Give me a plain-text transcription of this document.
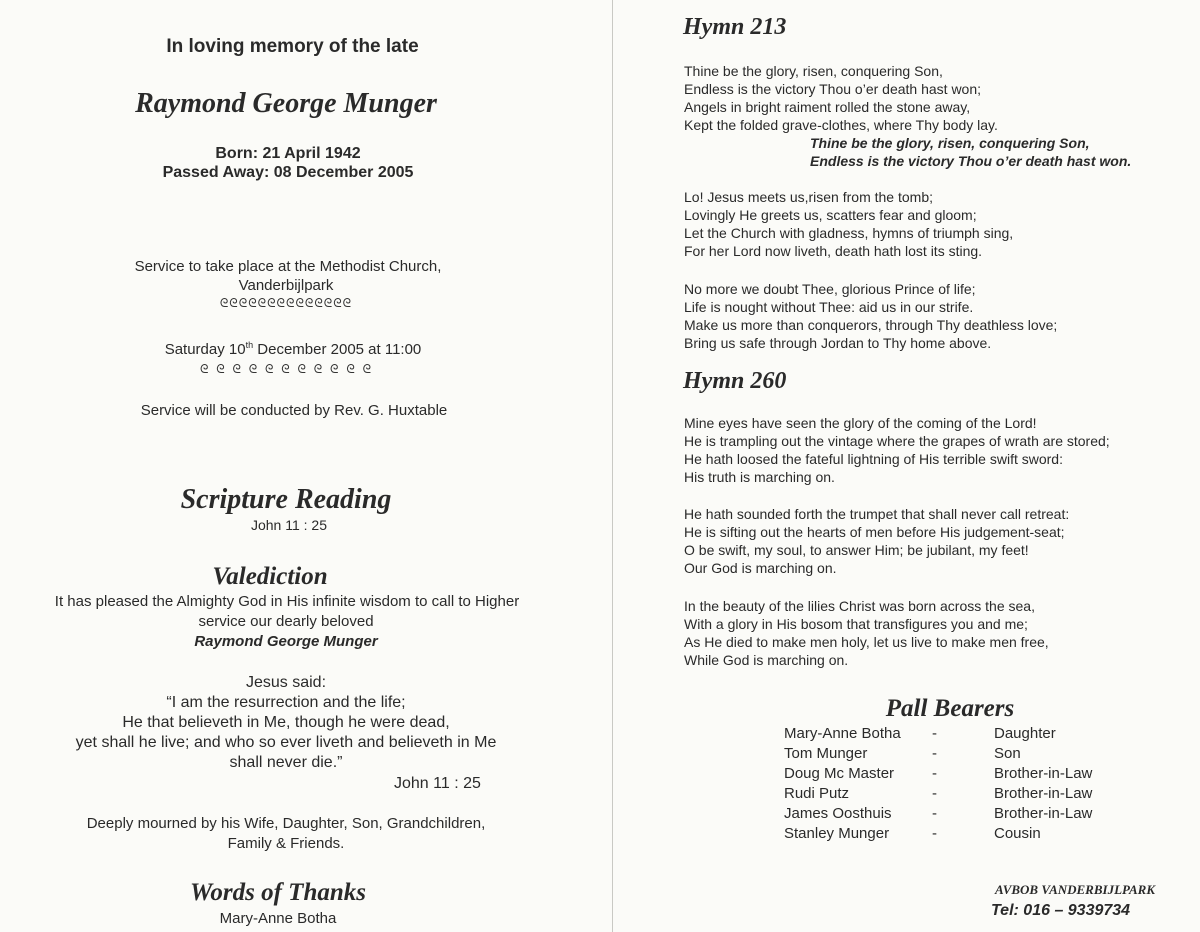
In loving memory of the late
Raymond George Munger
Born: 21 April 1942
Passed Away: 08 December 2005
Service to take place at the Methodist Church,
Vanderbijlpark
ᘓᘓᘓᘓᘓᘓᘓᘓᘓᘓᘓᘓᘓᘓ
Saturday 10th December 2005 at 11:00
ᘓ ᘓ ᘓ ᘓ ᘓ ᘓ ᘓ ᘓ ᘓ ᘓ ᘓ
Service will be conducted by Rev. G. Huxtable
Scripture Reading
John 11 : 25
Valediction
It has pleased the Almighty God in His infinite wisdom to call to Higher
service our dearly beloved
Raymond George Munger
Jesus said:
“I am the resurrection and the life;
He that believeth in Me, though he were dead,
yet shall he live; and who so ever liveth and believeth in Me
shall never die.”
John 11 : 25
Deeply mourned by his Wife, Daughter, Son, Grandchildren,
Family & Friends.
Words of Thanks
Mary-Anne Botha
Hymn 213
Thine be the glory, risen, conquering Son,
Endless is the victory Thou o’er death hast won;
Angels in bright raiment rolled the stone away,
Kept the folded grave-clothes, where Thy body lay.
Thine be the glory, risen, conquering Son,
Endless is the victory Thou o’er death hast won.
Lo! Jesus meets us,risen from the tomb;
Lovingly He greets us, scatters fear and gloom;
Let the Church with gladness, hymns of triumph sing,
For her Lord now liveth, death hath lost its sting.
No more we doubt Thee, glorious Prince of life;
Life is nought without Thee: aid us in our strife.
Make us more than conquerors, through Thy deathless love;
Bring us safe through Jordan to Thy home above.
Hymn 260
Mine eyes have seen the glory of the coming of the Lord!
He is trampling out the vintage where the grapes of wrath are stored;
He hath loosed the fateful lightning of His terrible swift sword:
His truth is marching on.
He hath sounded forth the trumpet that shall never call retreat:
He is sifting out the hearts of men before His judgement-seat;
O be swift, my soul, to answer Him; be jubilant, my feet!
Our God is marching on.
In the beauty of the lilies Christ was born across the sea,
With a glory in His bosom that transfigures you and me;
As He died to make men holy, let us live to make men free,
While God is marching on.
Pall Bearers
Mary-Anne Botha	-	Daughter
Tom Munger	-	Son
Doug Mc Master	-	Brother-in-Law
Rudi Putz	-	Brother-in-Law
James Oosthuis	-	Brother-in-Law
Stanley Munger	-	Cousin
AVBOB VANDERBIJLPARK
Tel: 016 – 9339734
